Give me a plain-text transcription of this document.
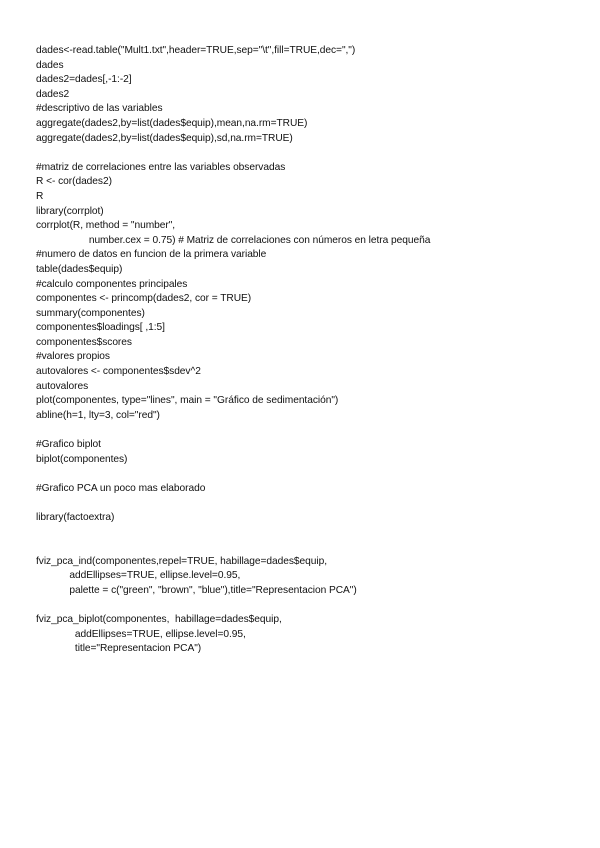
dades<-read.table("Mult1.txt",header=TRUE,sep="\t",fill=TRUE,dec=",")
dades
dades2=dades[,-1:-2]
dades2
#descriptivo de las variables
aggregate(dades2,by=list(dades$equip),mean,na.rm=TRUE)
aggregate(dades2,by=list(dades$equip),sd,na.rm=TRUE)
#matriz de correlaciones entre las variables observadas
R <- cor(dades2)
R
library(corrplot)
corrplot(R, method = "number",
number.cex = 0.75) # Matriz de correlaciones con números en letra pequeña
#numero de datos en funcion de la primera variable
table(dades$equip)
#calculo componentes principales
componentes <- princomp(dades2, cor = TRUE)
summary(componentes)
componentes$loadings[ ,1:5]
componentes$scores
#valores propios
autovalores <- componentes$sdev^2
autovalores
plot(componentes, type="lines", main = "Gráfico de sedimentación")
abline(h=1, lty=3, col="red")
#Grafico biplot
biplot(componentes)
#Grafico PCA un poco mas elaborado
library(factoextra)
fviz_pca_ind(componentes,repel=TRUE, habillage=dades$equip,
addEllipses=TRUE, ellipse.level=0.95,
palette = c("green", "brown", "blue"),title="Representacion PCA")
fviz_pca_biplot(componentes,  habillage=dades$equip,
addEllipses=TRUE, ellipse.level=0.95,
title="Representacion PCA")
